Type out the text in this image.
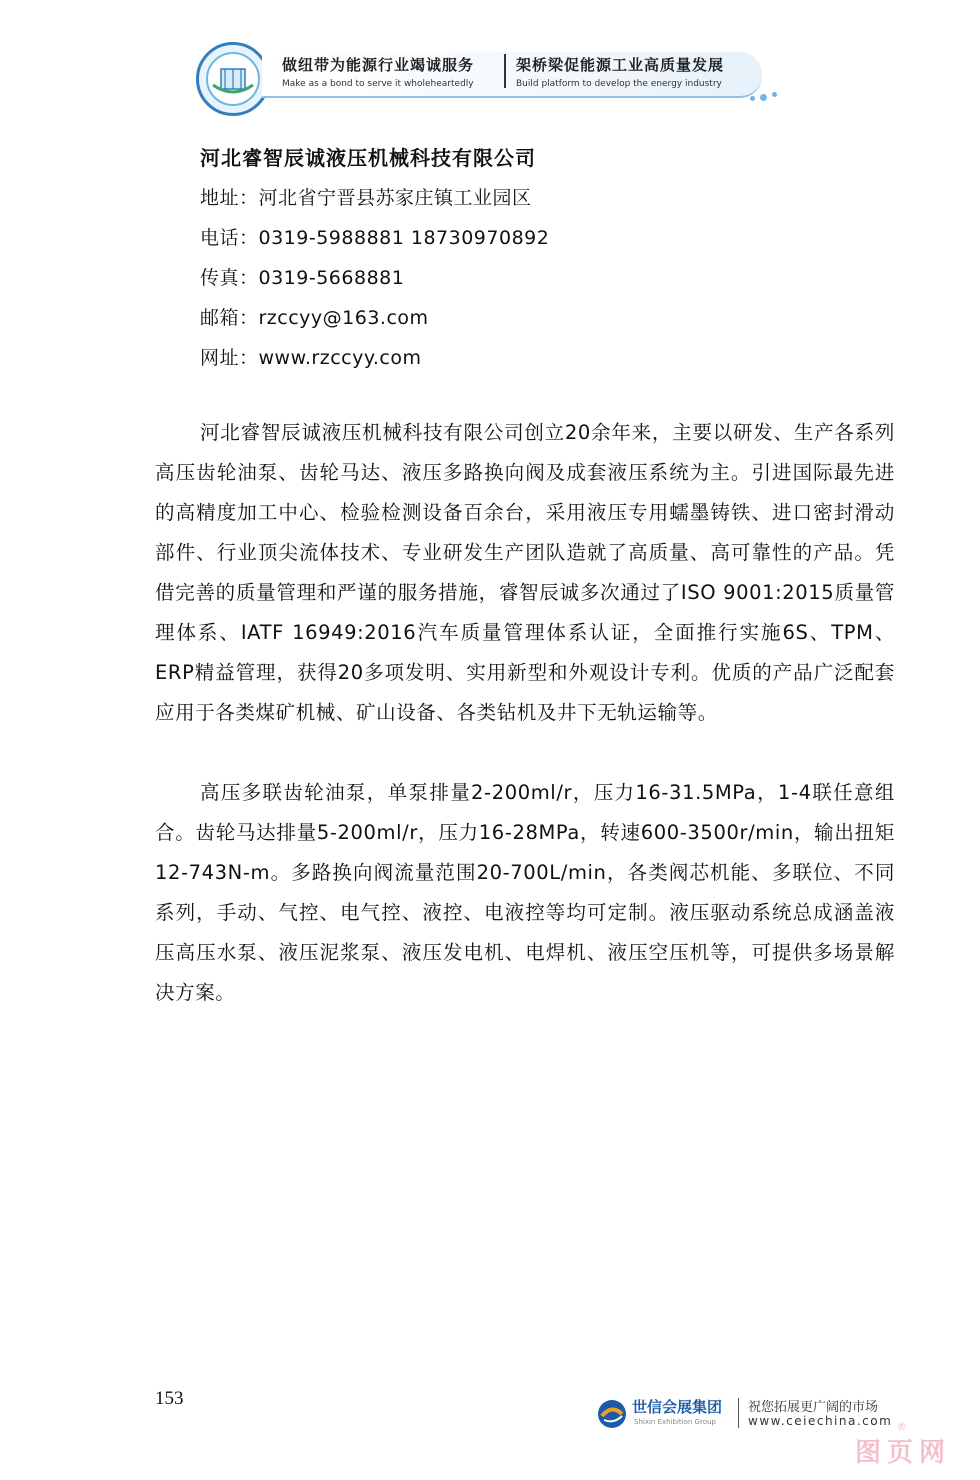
做纽带为能源行业竭诚服务
Make as a bond to serve it wholeheartedly
架桥梁促能源工业高质量发展
Build platform to develop the energy industry
河北睿智辰诚液压机械科技有限公司
地址：河北省宁晋县苏家庄镇工业园区
电话：0319-5988881 18730970892
传真：0319-5668881
邮箱：rzccyy@163.com
网址：www.rzccyy.com
河北睿智辰诚液压机械科技有限公司创立20余年来，主要以研发、生产各系列高压齿轮油泵、齿轮马达、液压多路换向阀及成套液压系统为主。引进国际最先进的高精度加工中心、检验检测设备百余台，采用液压专用蠕墨铸铁、进口密封滑动部件、行业顶尖流体技术、专业研发生产团队造就了高质量、高可靠性的产品。凭借完善的质量管理和严谨的服务措施，睿智辰诚多次通过了ISO 9001:2015质量管理体系、IATF 16949:2016汽车质量管理体系认证，全面推行实施6S、TPM、ERP精益管理，获得20多项发明、实用新型和外观设计专利。优质的产品广泛配套应用于各类煤矿机械、矿山设备、各类钻机及井下无轨运输等。
高压多联齿轮油泵，单泵排量2-200ml/r，压力16-31.5MPa，1-4联任意组合。齿轮马达排量5-200ml/r，压力16-28MPa，转速600-3500r/min，输出扭矩12-743N-m。多路换向阀流量范围20-700L/min，各类阀芯机能、多联位、不同系列，手动、气控、电气控、液控、电液控等均可定制。液压驱动系统总成涵盖液压高压水泵、液压泥浆泵、液压发电机、电焊机、液压空压机等，可提供多场景解决方案。
153	世信会展集团
Shixin Exhibition Group
祝您拓展更广阔的市场
www.ceiechina.com ®
图页网
